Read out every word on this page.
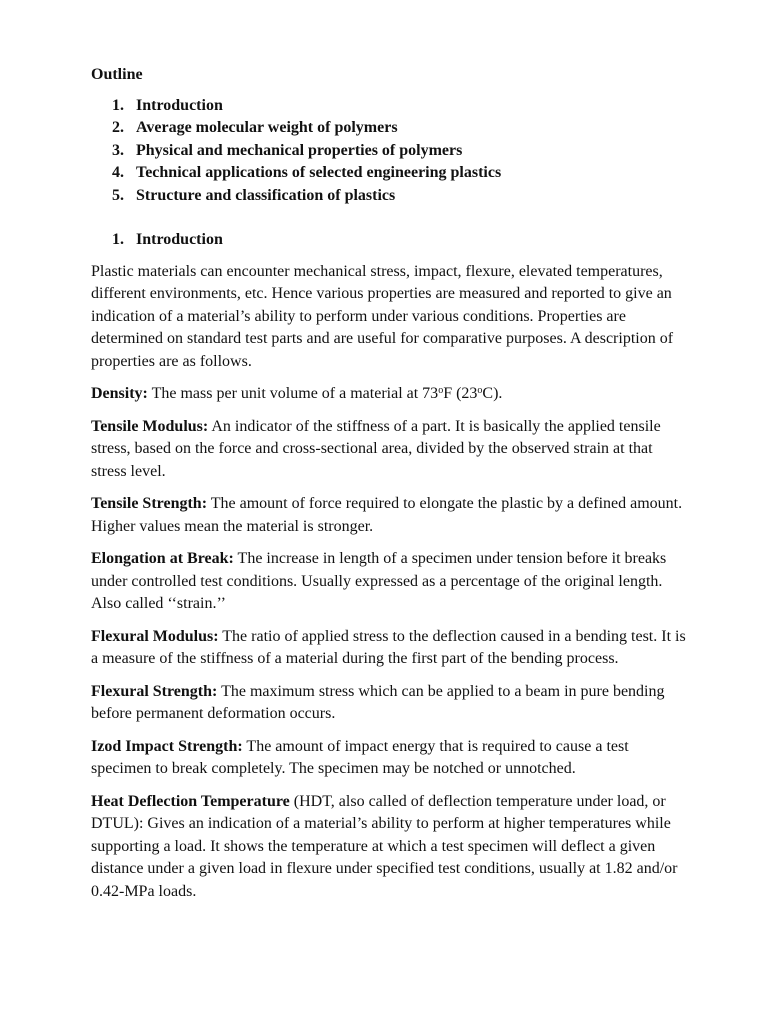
Outline
1. Introduction
2. Average molecular weight of polymers
3. Physical and mechanical properties of polymers
4. Technical applications of selected engineering plastics
5. Structure and classification of plastics
1. Introduction

Plastic materials can encounter mechanical stress, impact, flexure, elevated temperatures, different environments, etc. Hence various properties are measured and reported to give an indication of a material’s ability to perform under various conditions. Properties are determined on standard test parts and are useful for comparative purposes. A description of properties are as follows.

Density: The mass per unit volume of a material at 73$^o$F (23$^o$C).

Tensile Modulus: An indicator of the stiffness of a part. It is basically the applied tensile stress, based on the force and cross-sectional area, divided by the observed strain at that stress level.

Tensile Strength: The amount of force required to elongate the plastic by a defined amount. Higher values mean the material is stronger.

Elongation at Break: The increase in length of a specimen under tension before it breaks under controlled test conditions. Usually expressed as a percentage of the original length. Also called ‘‘strain.’’

Flexural Modulus: The ratio of applied stress to the deflection caused in a bending test. It is a measure of the stiffness of a material during the first part of the bending process.

Flexural Strength: The maximum stress which can be applied to a beam in pure bending before permanent deformation occurs.

Izod Impact Strength: The amount of impact energy that is required to cause a test specimen to break completely. The specimen may be notched or unnotched.

Heat Deflection Temperature (HDT, also called of deflection temperature under load, or DTUL): Gives an indication of a material’s ability to perform at higher temperatures while supporting a load. It shows the temperature at which a test specimen will deflect a given distance under a given load in flexure under specified test conditions, usually at 1.82 and/or 0.42-MPa loads.
